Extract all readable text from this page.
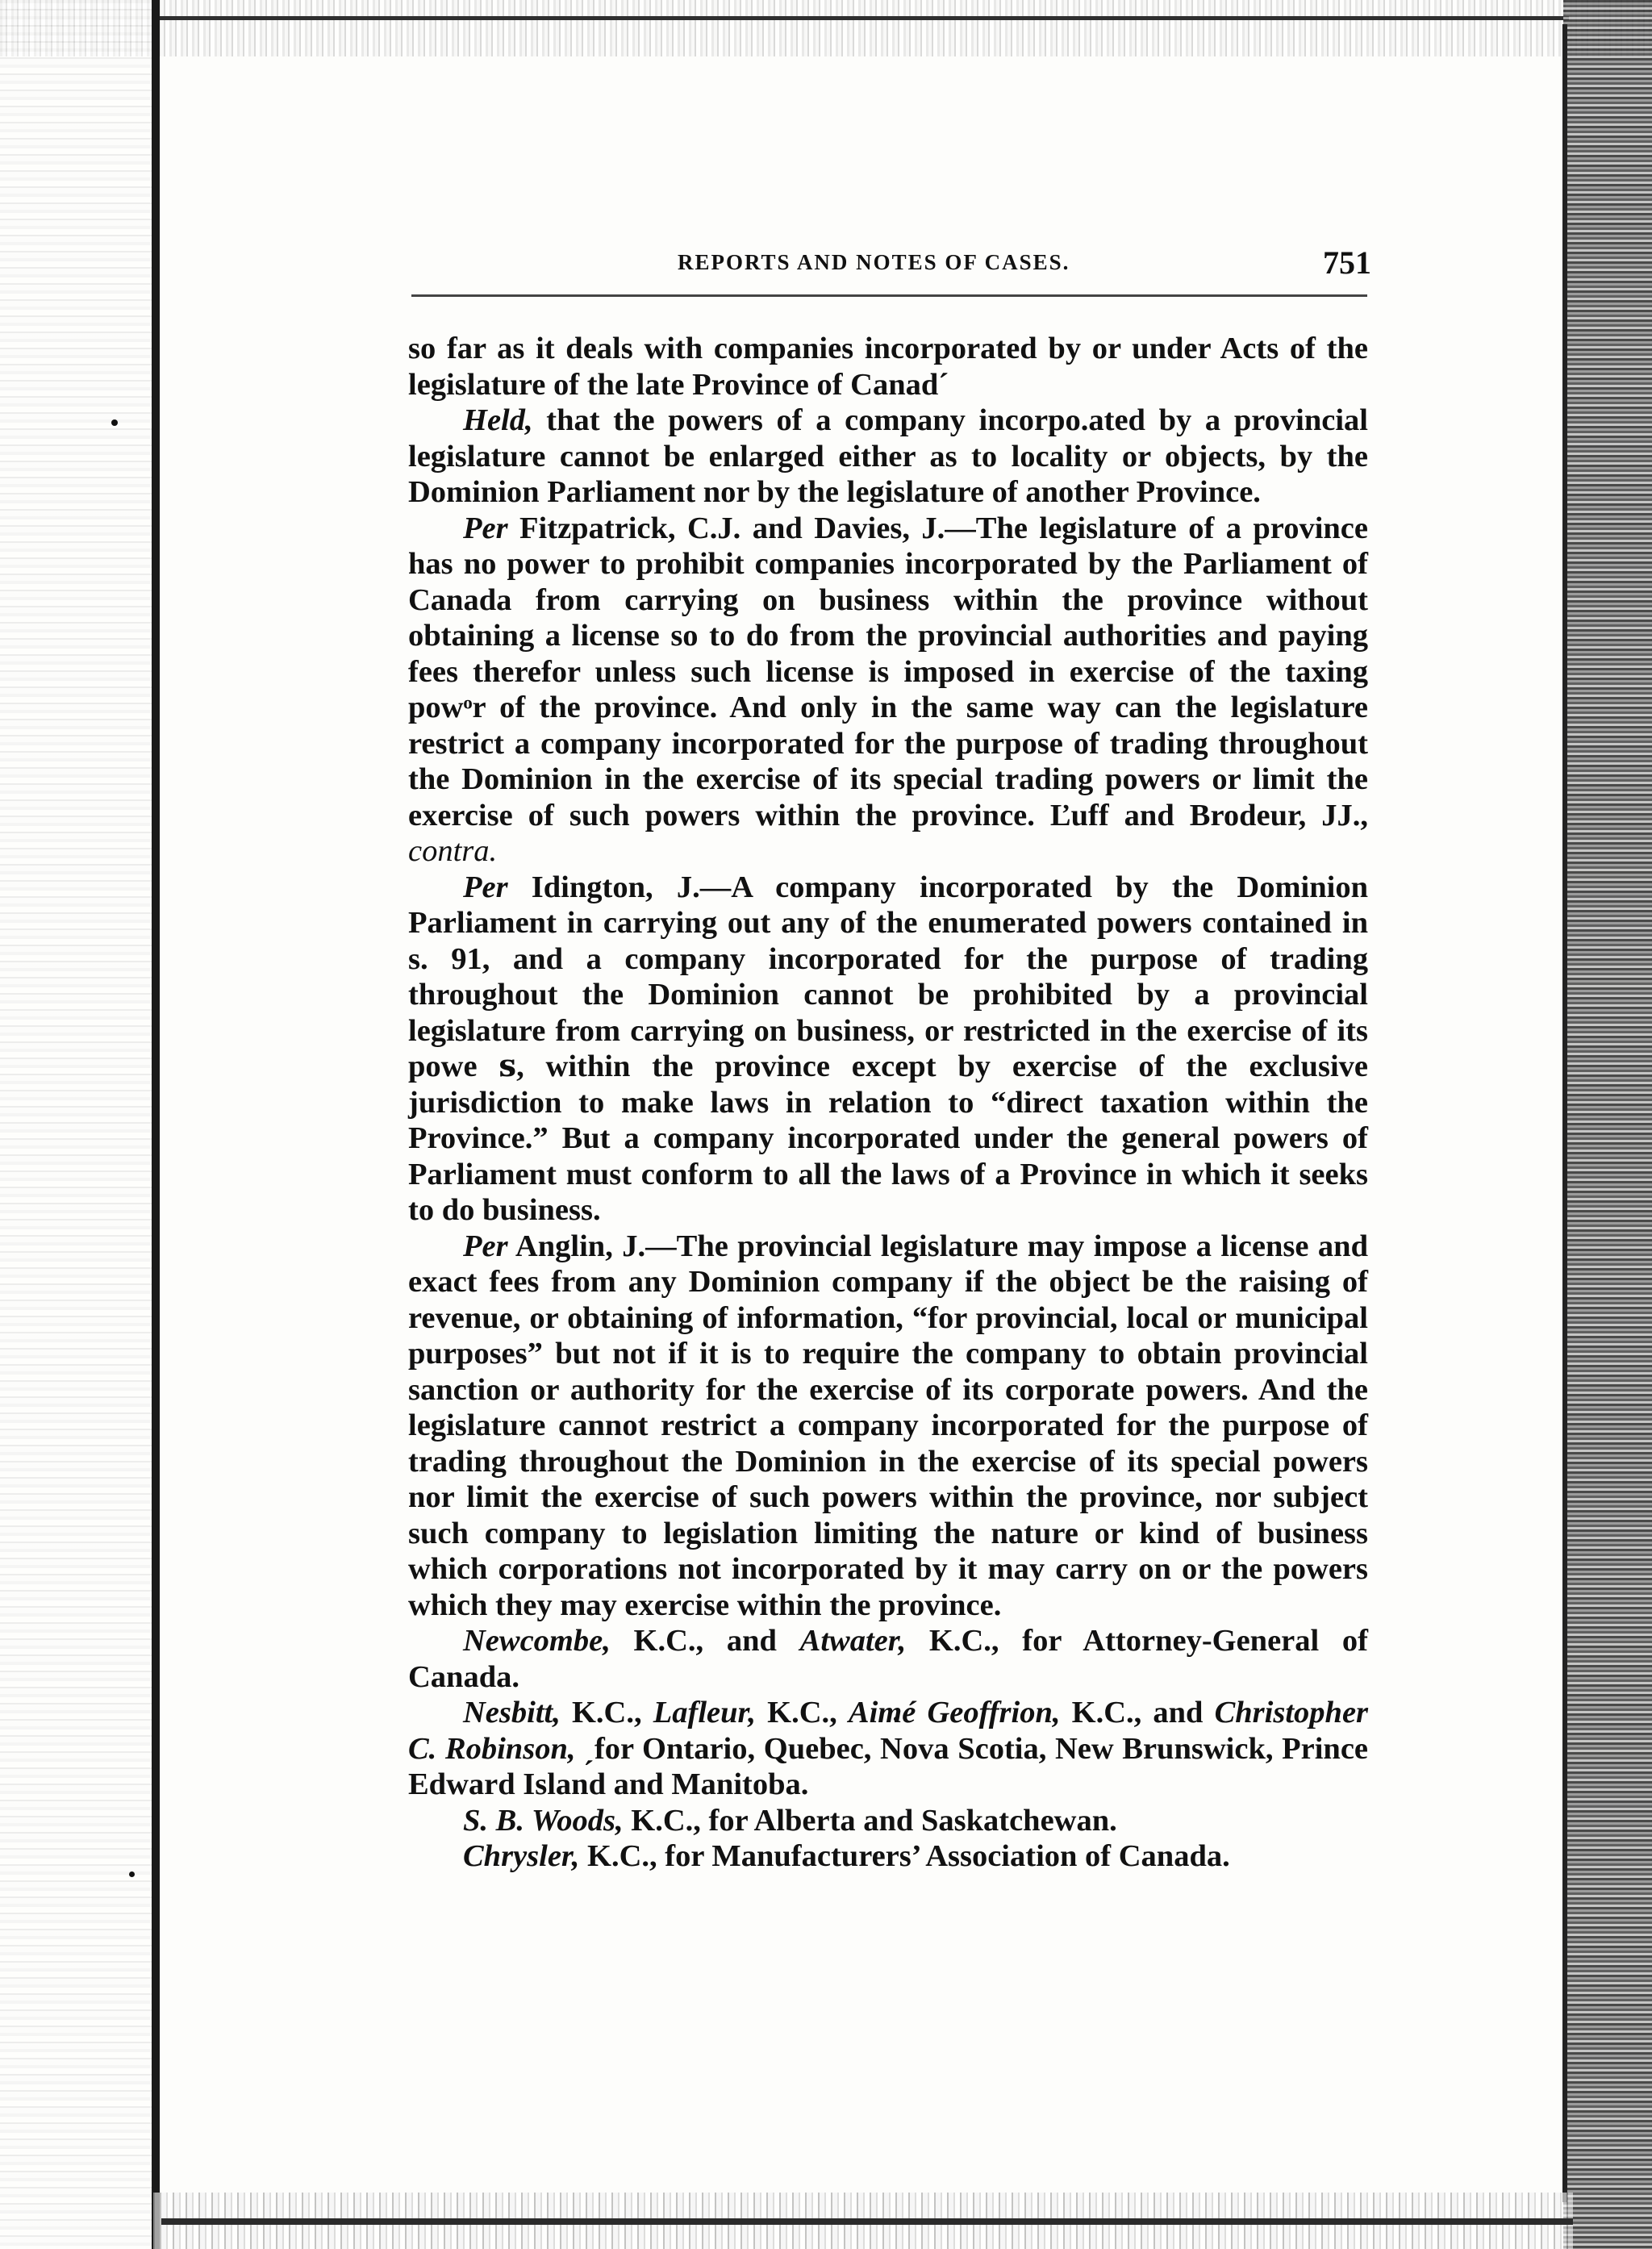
REPORTS AND NOTES OF CASES.	751

so far as it deals with companies incorporated by or under Acts of the legislature of the late Province of Canad´

Held, that the powers of a company incorpo.ated by a provincial legislature cannot be enlarged either as to locality or objects, by the Dominion Parliament nor by the legislature of another Province.

Per Fitzpatrick, C.J. and Davies, J.—The legislature of a province has no power to prohibit companies incorporated by the Parliament of Canada from carrying on business within the province without obtaining a license so to do from the provincial authorities and paying fees therefor unless such license is imposed in exercise of the taxing powᵒr of the province. And only in the same way can the legislature restrict a company incorporated for the purpose of trading throughout the Dominion in the exercise of its special trading powers or limit the exercise of such powers within the province. Ľuff and Brodeur, JJ., contra.

Per Idington, J.—A company incorporated by the Dominion Parliament in carrying out any of the enumerated powers contained in s. 91, and a company incorporated for the purpose of trading throughout the Dominion cannot be prohibited by a provincial legislature from carrying on business, or restricted in the exercise of its powe ꜱ, within the province except by exercise of the exclusive jurisdiction to make laws in relation to “direct taxation within the Province.” But a company incorporated under the general powers of Parliament must conform to all the laws of a Province in which it seeks to do business.

Per Anglin, J.—The provincial legislature may impose a license and exact fees from any Dominion company if the object be the raising of revenue, or obtaining of information, “for provincial, local or municipal purposes” but not if it is to require the company to obtain provincial sanction or authority for the exercise of its corporate powers. And the legislature cannot restrict a company incorporated for the purpose of trading throughout the Dominion in the exercise of its special powers nor limit the exercise of such powers within the province, nor subject such company to legislation limiting the nature or kind of business which corporations not incorporated by it may carry on or the powers which they may exercise within the province.

Newcombe, K.C., and Atwater, K.C., for Attorney-General of Canada.

Nesbitt, K.C., Lafleur, K.C., Aimé Geoffrion, K.C., and Christopher C. Robinson, ˏfor Ontario, Quebec, Nova Scotia, New Brunswick, Prince Edward Island and Manitoba.

S. B. Woods, K.C., for Alberta and Saskatchewan.

Chrysler, K.C., for Manufacturers’ Association of Canada.
